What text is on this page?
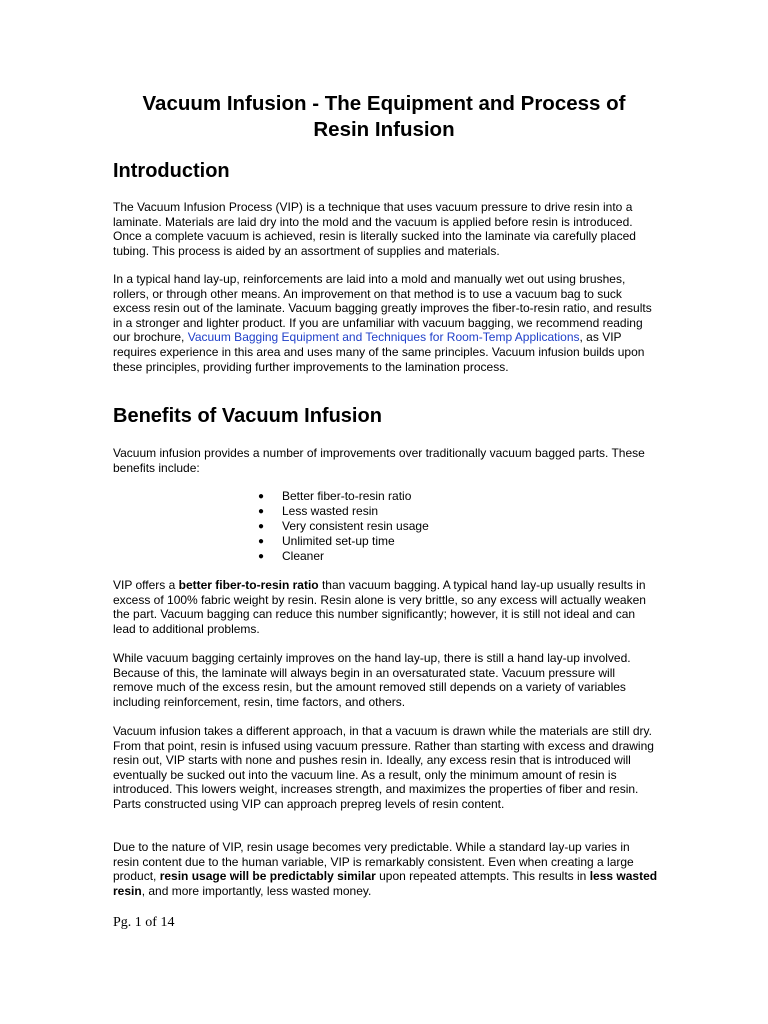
Vacuum Infusion - The Equipment and Process of
Resin Infusion
Introduction

The Vacuum Infusion Process (VIP) is a technique that uses vacuum pressure to drive resin into a laminate. Materials are laid dry into the mold and the vacuum is applied before resin is introduced. Once a complete vacuum is achieved, resin is literally sucked into the laminate via carefully placed tubing. This process is aided by an assortment of supplies and materials.

In a typical hand lay-up, reinforcements are laid into a mold and manually wet out using brushes, rollers, or through other means. An improvement on that method is to use a vacuum bag to suck excess resin out of the laminate. Vacuum bagging greatly improves the fiber-to-resin ratio, and results in a stronger and lighter product. If you are unfamiliar with vacuum bagging, we recommend reading our brochure, Vacuum Bagging Equipment and Techniques for Room-Temp Applications, as VIP requires experience in this area and uses many of the same principles. Vacuum infusion builds upon these principles, providing further improvements to the lamination process.

Benefits of Vacuum Infusion

Vacuum infusion provides a number of improvements over traditionally vacuum bagged parts. These benefits include:

● Better fiber-to-resin ratio
● Less wasted resin
● Very consistent resin usage
● Unlimited set-up time
● Cleaner

VIP offers a better fiber-to-resin ratio than vacuum bagging. A typical hand lay-up usually results in excess of 100% fabric weight by resin. Resin alone is very brittle, so any excess will actually weaken the part. Vacuum bagging can reduce this number significantly; however, it is still not ideal and can lead to additional problems.

While vacuum bagging certainly improves on the hand lay-up, there is still a hand lay-up involved. Because of this, the laminate will always begin in an oversaturated state. Vacuum pressure will remove much of the excess resin, but the amount removed still depends on a variety of variables including reinforcement, resin, time factors, and others.

Vacuum infusion takes a different approach, in that a vacuum is drawn while the materials are still dry. From that point, resin is infused using vacuum pressure. Rather than starting with excess and drawing resin out, VIP starts with none and pushes resin in. Ideally, any excess resin that is introduced will eventually be sucked out into the vacuum line. As a result, only the minimum amount of resin is introduced. This lowers weight, increases strength, and maximizes the properties of fiber and resin. Parts constructed using VIP can approach prepreg levels of resin content.

Due to the nature of VIP, resin usage becomes very predictable. While a standard lay-up varies in resin content due to the human variable, VIP is remarkably consistent. Even when creating a large product, resin usage will be predictably similar upon repeated attempts. This results in less wasted resin, and more importantly, less wasted money.

Pg. 1 of 14
